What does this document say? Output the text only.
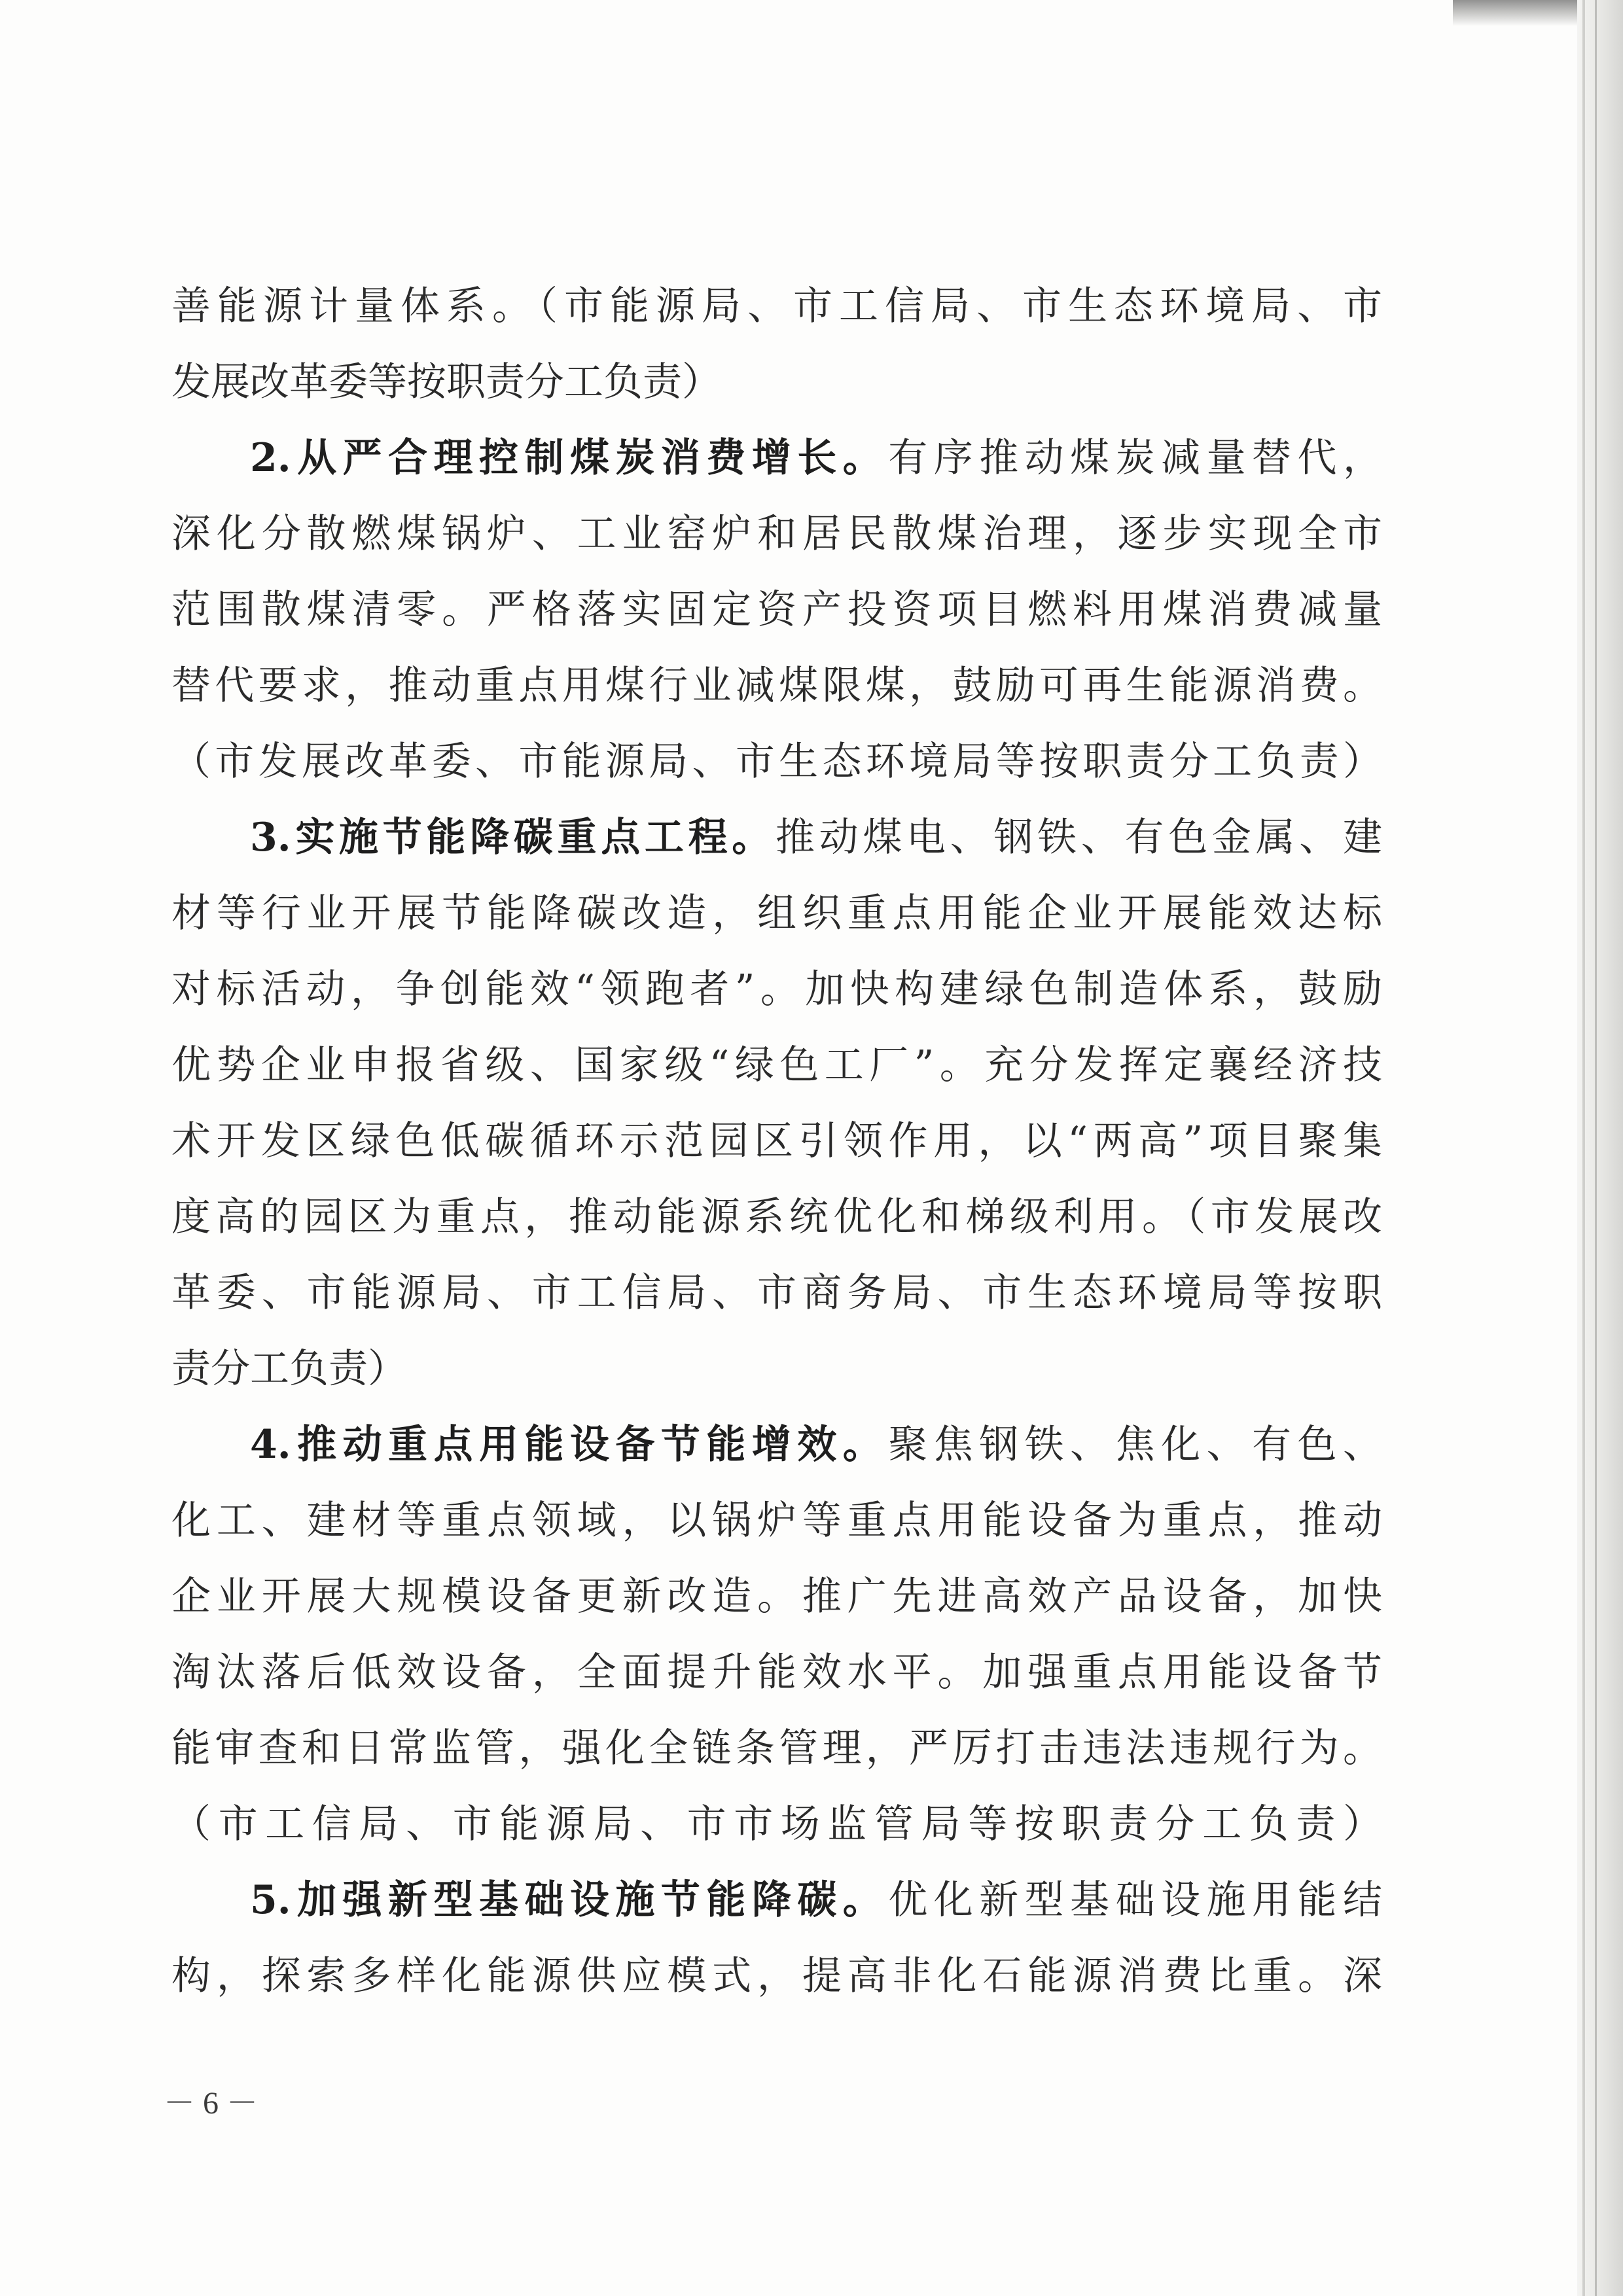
善能源计量体系。（市能源局、市工信局、市生态环境局、市
发展改革委等按职责分工负责）
2.从严合理控制煤炭消费增长。有序推动煤炭减量替代，
深化分散燃煤锅炉、工业窑炉和居民散煤治理，逐步实现全市
范围散煤清零。严格落实固定资产投资项目燃料用煤消费减量
替代要求，推动重点用煤行业减煤限煤，鼓励可再生能源消费。
（市发展改革委、市能源局、市生态环境局等按职责分工负责）
3.实施节能降碳重点工程。推动煤电、钢铁、有色金属、建
材等行业开展节能降碳改造，组织重点用能企业开展能效达标
对标活动，争创能效“领跑者”。加快构建绿色制造体系，鼓励
优势企业申报省级、国家级“绿色工厂”。充分发挥定襄经济技
术开发区绿色低碳循环示范园区引领作用，以“两高”项目聚集
度高的园区为重点，推动能源系统优化和梯级利用。（市发展改
革委、市能源局、市工信局、市商务局、市生态环境局等按职
责分工负责）
4.推动重点用能设备节能增效。聚焦钢铁、焦化、有色、
化工、建材等重点领域，以锅炉等重点用能设备为重点，推动
企业开展大规模设备更新改造。推广先进高效产品设备，加快
淘汰落后低效设备，全面提升能效水平。加强重点用能设备节
能审查和日常监管，强化全链条管理，严厉打击违法违规行为。
（市工信局、市能源局、市市场监管局等按职责分工负责）
5.加强新型基础设施节能降碳。优化新型基础设施用能结
构，探索多样化能源供应模式，提高非化石能源消费比重。深
－ 6 －
